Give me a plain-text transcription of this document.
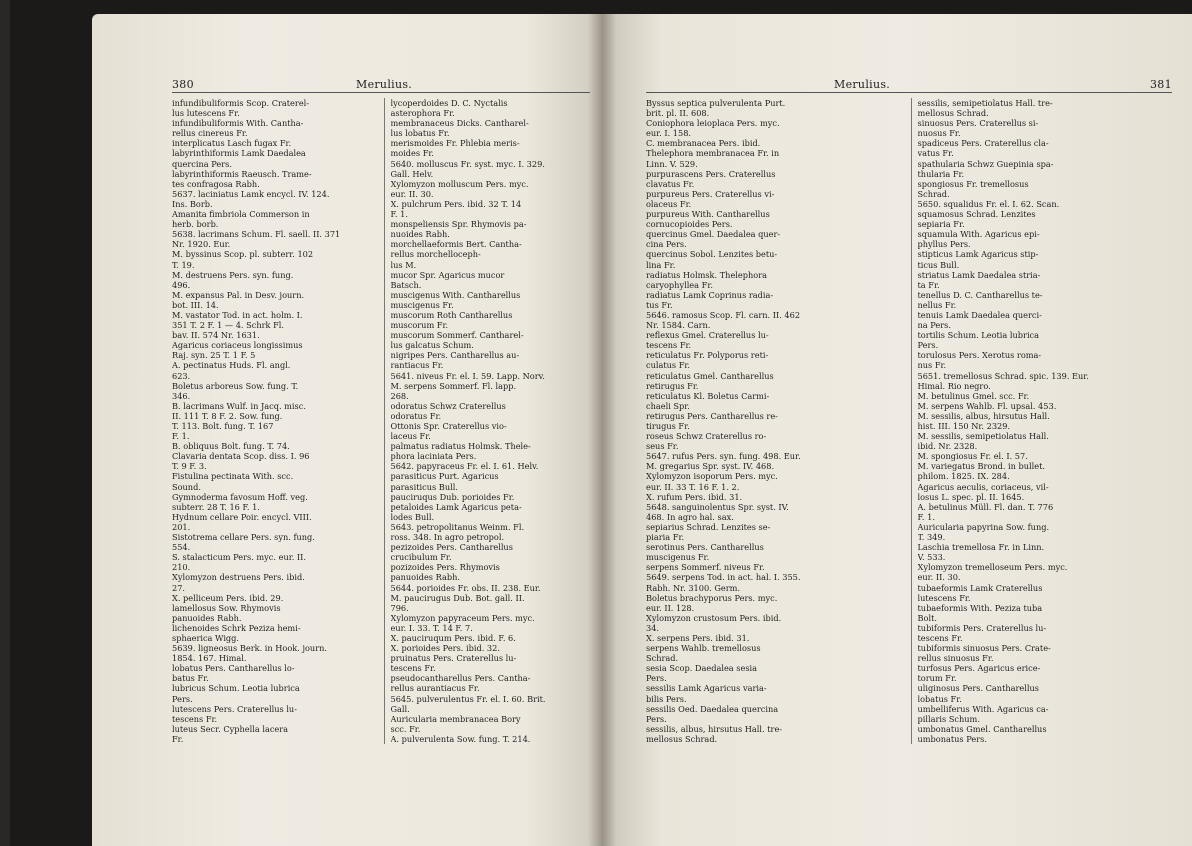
380	Merulius.
infundibuliformis Scop. Craterel-
lus lutescens Fr.
infundibuliformis With. Cantha-
rellus cinereus Fr.
interplicatus Lasch fugax Fr.
labyrinthiformis Lamk Daedalea
quercina Pers.
labyrinthiformis Raeusch. Trame-
tes confragosa Rabh.
5637. laciniatus Lamk encycl. IV. 124.
Ins. Borb.
Amanita fimbriola Commerson in
herb. borb.
5638. lacrimans Schum. Fl. saell. II. 371
Nr. 1920. Eur.
M. byssinus Scop. pl. subterr. 102
T. 19.
M. destruens Pers. syn. fung.
496.
M. expansus Pal. in Desv. journ.
bot. III. 14.
M. vastator Tod. in act. holm. I.
351 T. 2 F. 1 — 4. Schrk Fl.
bav. II. 574 Nr. 1631.
Agaricus coriaceus longissimus
Raj. syn. 25 T. 1 F. 5
A. pectinatus Huds. Fl. angl.
623.
Boletus arboreus Sow. fung. T.
346.
B. lacrimans Wulf. in Jacq. misc.
II. 111 T. 8 F. 2. Sow. fung.
T. 113. Bolt. fung. T. 167
F. 1.
B. obliquus Bolt. fung. T. 74.
Clavaria dentata Scop. diss. I. 96
T. 9 F. 3.
Fistulina pectinata With. scc.
Sound.
Gymnoderma favosum Hoff. veg.
subterr. 28 T. 16 F. 1.
Hydnum cellare Poir. encycl. VIII.
201.
Sistotrema cellare Pers. syn. fung.
554.
S. stalacticum Pers. myc. eur. II.
210.
Xylomyzon destruens Pers. ibid.
27.
X. pelliceum Pers. ibid. 29.
lamellosus Sow. Rhymovis
panuoides Rabh.
lichenoides Schrk Peziza hemi-
sphaerica Wigg.
5639. ligneosus Berk. in Hook. journ.
1854. 167. Himal.
lobatus Pers. Cantharellus lo-
batus Fr.
lubricus Schum. Leotia lubrica
Pers.
lutescens Pers. Craterellus lu-
tescens Fr.
luteus Secr. Cyphella lacera
Fr.
lycoperdoides D. C. Nyctalis
asterophora Fr.
membranaceus Dicks. Cantharel-
lus lobatus Fr.
merismoides Fr. Phlebia meris-
moides Fr.
5640. molluscus Fr. syst. myc. I. 329.
Gall. Helv.
Xylomyzon molluscum Pers. myc.
eur. II. 30.
X. pulchrum Pers. ibid. 32 T. 14
F. 1.
monspeliensis Spr. Rhymovis pa-
nuoides Rabh.
morchellaeformis Bert. Cantha-
rellus morchelloceph-
lus M.
mucor Spr. Agaricus mucor
Batsch.
muscigenus With. Cantharellus
muscigenus Fr.
muscorum Roth Cantharellus
muscorum Fr.
muscorum Sommerf. Cantharel-
lus galcatus Schum.
nigripes Pers. Cantharellus au-
rantiacus Fr.
5641. niveus Fr. el. I. 59. Lapp. Norv.
M. serpens Sommerf. Fl. lapp.
268.
odoratus Schwz Craterellus
odoratus Fr.
Ottonis Spr. Craterellus vio-
laceus Fr.
palmatus radiatus Holmsk. Thele-
phora laciniata Pers.
5642. papyraceus Fr. el. I. 61. Helv.
parasiticus Purt. Agaricus
parasiticus Bull.
pauciruqus Dub. porioides Fr.
petaloides Lamk Agaricus peta-
lodes Bull.
5643. petropolitanus Weinm. Fl.
ross. 348. In agro petropol.
pezizoides Pers. Cantharellus
crucibulum Fr.
pozizoides Pers. Rhymovis
panuoides Rabh.
5644. porioides Fr. obs. II. 238. Eur.
M. paucirugus Dub. Bot. gall. II.
796.
Xylomyzon papyraceum Pers. myc.
eur. I. 33. T. 14 F. 7.
X. pauciruqum Pers. ibid. F. 6.
X. porioides Pers. ibid. 32.
pruinatus Pers. Craterellus lu-
tescens Fr.
pseudocantharellus Pers. Cantha-
rellus aurantiacus Fr.
5645. pulverulentus Fr. el. I. 60. Brit.
Gall.
Auricularia membranacea Bory
scc. Fr.
A. pulverulenta Sow. fung. T. 214.
Merulius.	381
Byssus septica pulverulenta Purt.
brit. pl. II. 608.
Coniophora leioplaca Pers. myc.
eur. I. 158.
C. membranacea Pers. ibid.
Thelephora membranacea Fr. in
Linn. V. 529.
purpurascens Pers. Craterellus
clavatus Fr.
purpureus Pers. Craterellus vi-
olaceus Fr.
purpureus With. Cantharellus
cornucopioides Pers.
quercinus Gmel. Daedalea quer-
cina Pers.
quercinus Sobol. Lenzites betu-
lina Fr.
radiatus Holmsk. Thelephora
caryophyllea Fr.
radiatus Lamk Coprinus radia-
tus Fr.
5646. ramosus Scop. Fl. carn. II. 462
Nr. 1584. Carn.
reflexus Gmel. Craterellus lu-
tescens Fr.
reticulatus Fr. Polyporus reti-
culatus Fr.
reticulatus Gmel. Cantharellus
retirugus Fr.
reticulatus Kl. Boletus Carmi-
chaeli Spr.
retirugus Pers. Cantharellus re-
tirugus Fr.
roseus Schwz Craterellus ro-
seus Fr.
5647. rufus Pers. syn. fung. 498. Eur.
M. gregarius Spr. syst. IV. 468.
Xylomyzon isoporum Pers. myc.
eur. II. 33 T. 16 F. 1. 2.
X. rufum Pers. ibid. 31.
5648. sanguinolentus Spr. syst. IV.
468. In agro hal. sax.
sepiarius Schrad. Lenzites se-
piaria Fr.
serotinus Pers. Cantharellus
muscigenus Fr.
serpens Sommerf. niveus Fr.
5649. serpens Tod. in act. hal. I. 355.
Rabh. Nr. 3100. Germ.
Boletus brachyporus Pers. myc.
eur. II. 128.
Xylomyzon crustosum Pers. ibid.
34.
X. serpens Pers. ibid. 31.
serpens Wahlb. tremellosus
Schrad.
sesia Scop. Daedalea sesia
Pers.
sessilis Lamk Agaricus varia-
bilis Pers.
sessilis Oed. Daedalea quercina
Pers.
sessilis, albus, hirsutus Hall. tre-
mellosus Schrad.
sessilis, semipetiolatus Hall. tre-
mellosus Schrad.
sinuosus Pers. Craterellus si-
nuosus Fr.
spadiceus Pers. Craterellus cla-
vatus Fr.
spathularia Schwz Guepinia spa-
thularia Fr.
spongiosus Fr. tremellosus
Schrad.
5650. squalidus Fr. el. I. 62. Scan.
squamosus Schrad. Lenzites
sepiaria Fr.
squamula With. Agaricus epi-
phyllus Pers.
stipticus Lamk Agaricus stip-
ticus Bull.
striatus Lamk Daedalea stria-
ta Fr.
tenellus D. C. Cantharellus te-
nellus Fr.
tenuis Lamk Daedalea querci-
na Pers.
tortilis Schum. Leotia lubrica
Pers.
torulosus Pers. Xerotus roma-
nus Fr.
5651. tremellosus Schrad. spic. 139. Eur.
Himal. Rio negro.
M. betulinus Gmel. scc. Fr.
M. serpens Wahlb. Fl. upsal. 453.
M. sessilis, albus, hirsutus Hall.
hist. III. 150 Nr. 2329.
M. sessilis, semipetiolatus Hall.
ibid. Nr. 2328.
M. spongiosus Fr. el. I. 57.
M. variegatus Brond. in bullet.
philom. 1825. IX. 284.
Agaricus aeculis, coriaceus, vil-
losus L. spec. pl. II. 1645.
A. betulinus Müll. Fl. dan. T. 776
F. 1.
Auricularia papyrina Sow. fung.
T. 349.
Laschia tremellosa Fr. in Linn.
V. 533.
Xylomyzon tremelloseum Pers. myc.
eur. II. 30.
tubaeformis Lamk Craterellus
lutescens Fr.
tubaeformis With. Peziza tuba
Bolt.
tubiformis Pers. Craterellus lu-
tescens Fr.
tubiformis sinuosus Pers. Crate-
rellus sinuosus Fr.
turfosus Pers. Agaricus erice-
torum Fr.
uliginosus Pers. Cantharellus
lobatus Fr.
umbelliferus With. Agaricus ca-
pillaris Schum.
umbonatus Gmel. Cantharellus
umbonatus Pers.
